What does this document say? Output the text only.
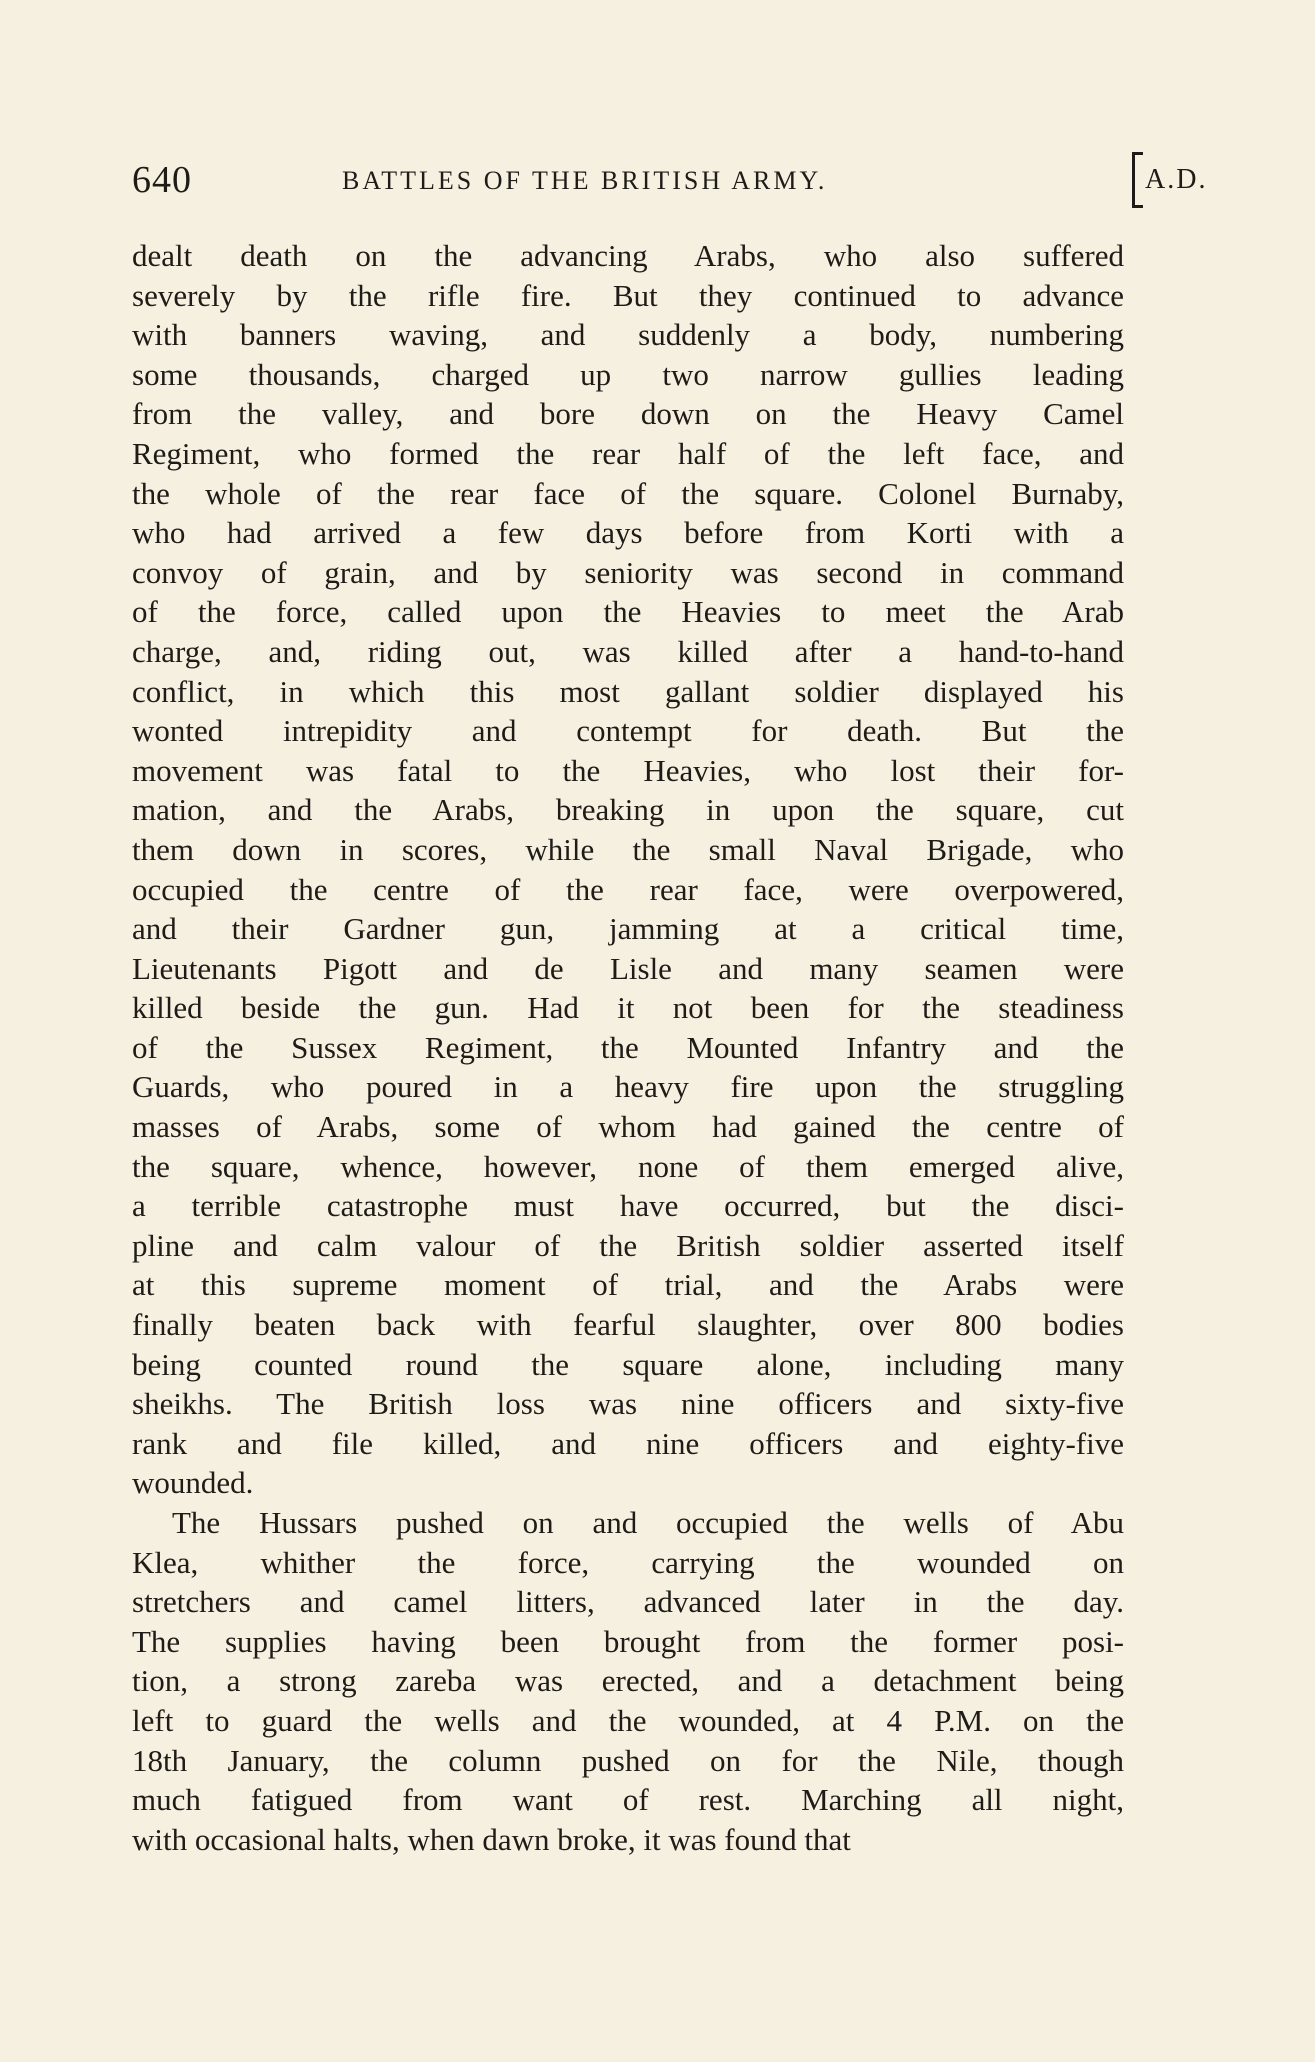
640	BATTLES OF THE BRITISH ARMY.	A.D.
dealt death on the advancing Arabs, who also suffered
severely by the rifle fire. But they continued to advance
with banners waving, and suddenly a body, numbering
some thousands, charged up two narrow gullies leading
from the valley, and bore down on the Heavy Camel
Regiment, who formed the rear half of the left face, and
the whole of the rear face of the square. Colonel Burnaby,
who had arrived a few days before from Korti with a
convoy of grain, and by seniority was second in command
of the force, called upon the Heavies to meet the Arab
charge, and, riding out, was killed after a hand-to-hand
conflict, in which this most gallant soldier displayed his
wonted intrepidity and contempt for death. But the
movement was fatal to the Heavies, who lost their for-
mation, and the Arabs, breaking in upon the square, cut
them down in scores, while the small Naval Brigade, who
occupied the centre of the rear face, were overpowered,
and their Gardner gun, jamming at a critical time,
Lieutenants Pigott and de Lisle and many seamen were
killed beside the gun. Had it not been for the steadiness
of the Sussex Regiment, the Mounted Infantry and the
Guards, who poured in a heavy fire upon the struggling
masses of Arabs, some of whom had gained the centre of
the square, whence, however, none of them emerged alive,
a terrible catastrophe must have occurred, but the disci-
pline and calm valour of the British soldier asserted itself
at this supreme moment of trial, and the Arabs were
finally beaten back with fearful slaughter, over 800 bodies
being counted round the square alone, including many
sheikhs. The British loss was nine officers and sixty-five
rank and file killed, and nine officers and eighty-five
wounded.
The Hussars pushed on and occupied the wells of Abu
Klea, whither the force, carrying the wounded on
stretchers and camel litters, advanced later in the day.
The supplies having been brought from the former posi-
tion, a strong zareba was erected, and a detachment being
left to guard the wells and the wounded, at 4 P.M. on the
18th January, the column pushed on for the Nile, though
much fatigued from want of rest. Marching all night,
with occasional halts, when dawn broke, it was found that
